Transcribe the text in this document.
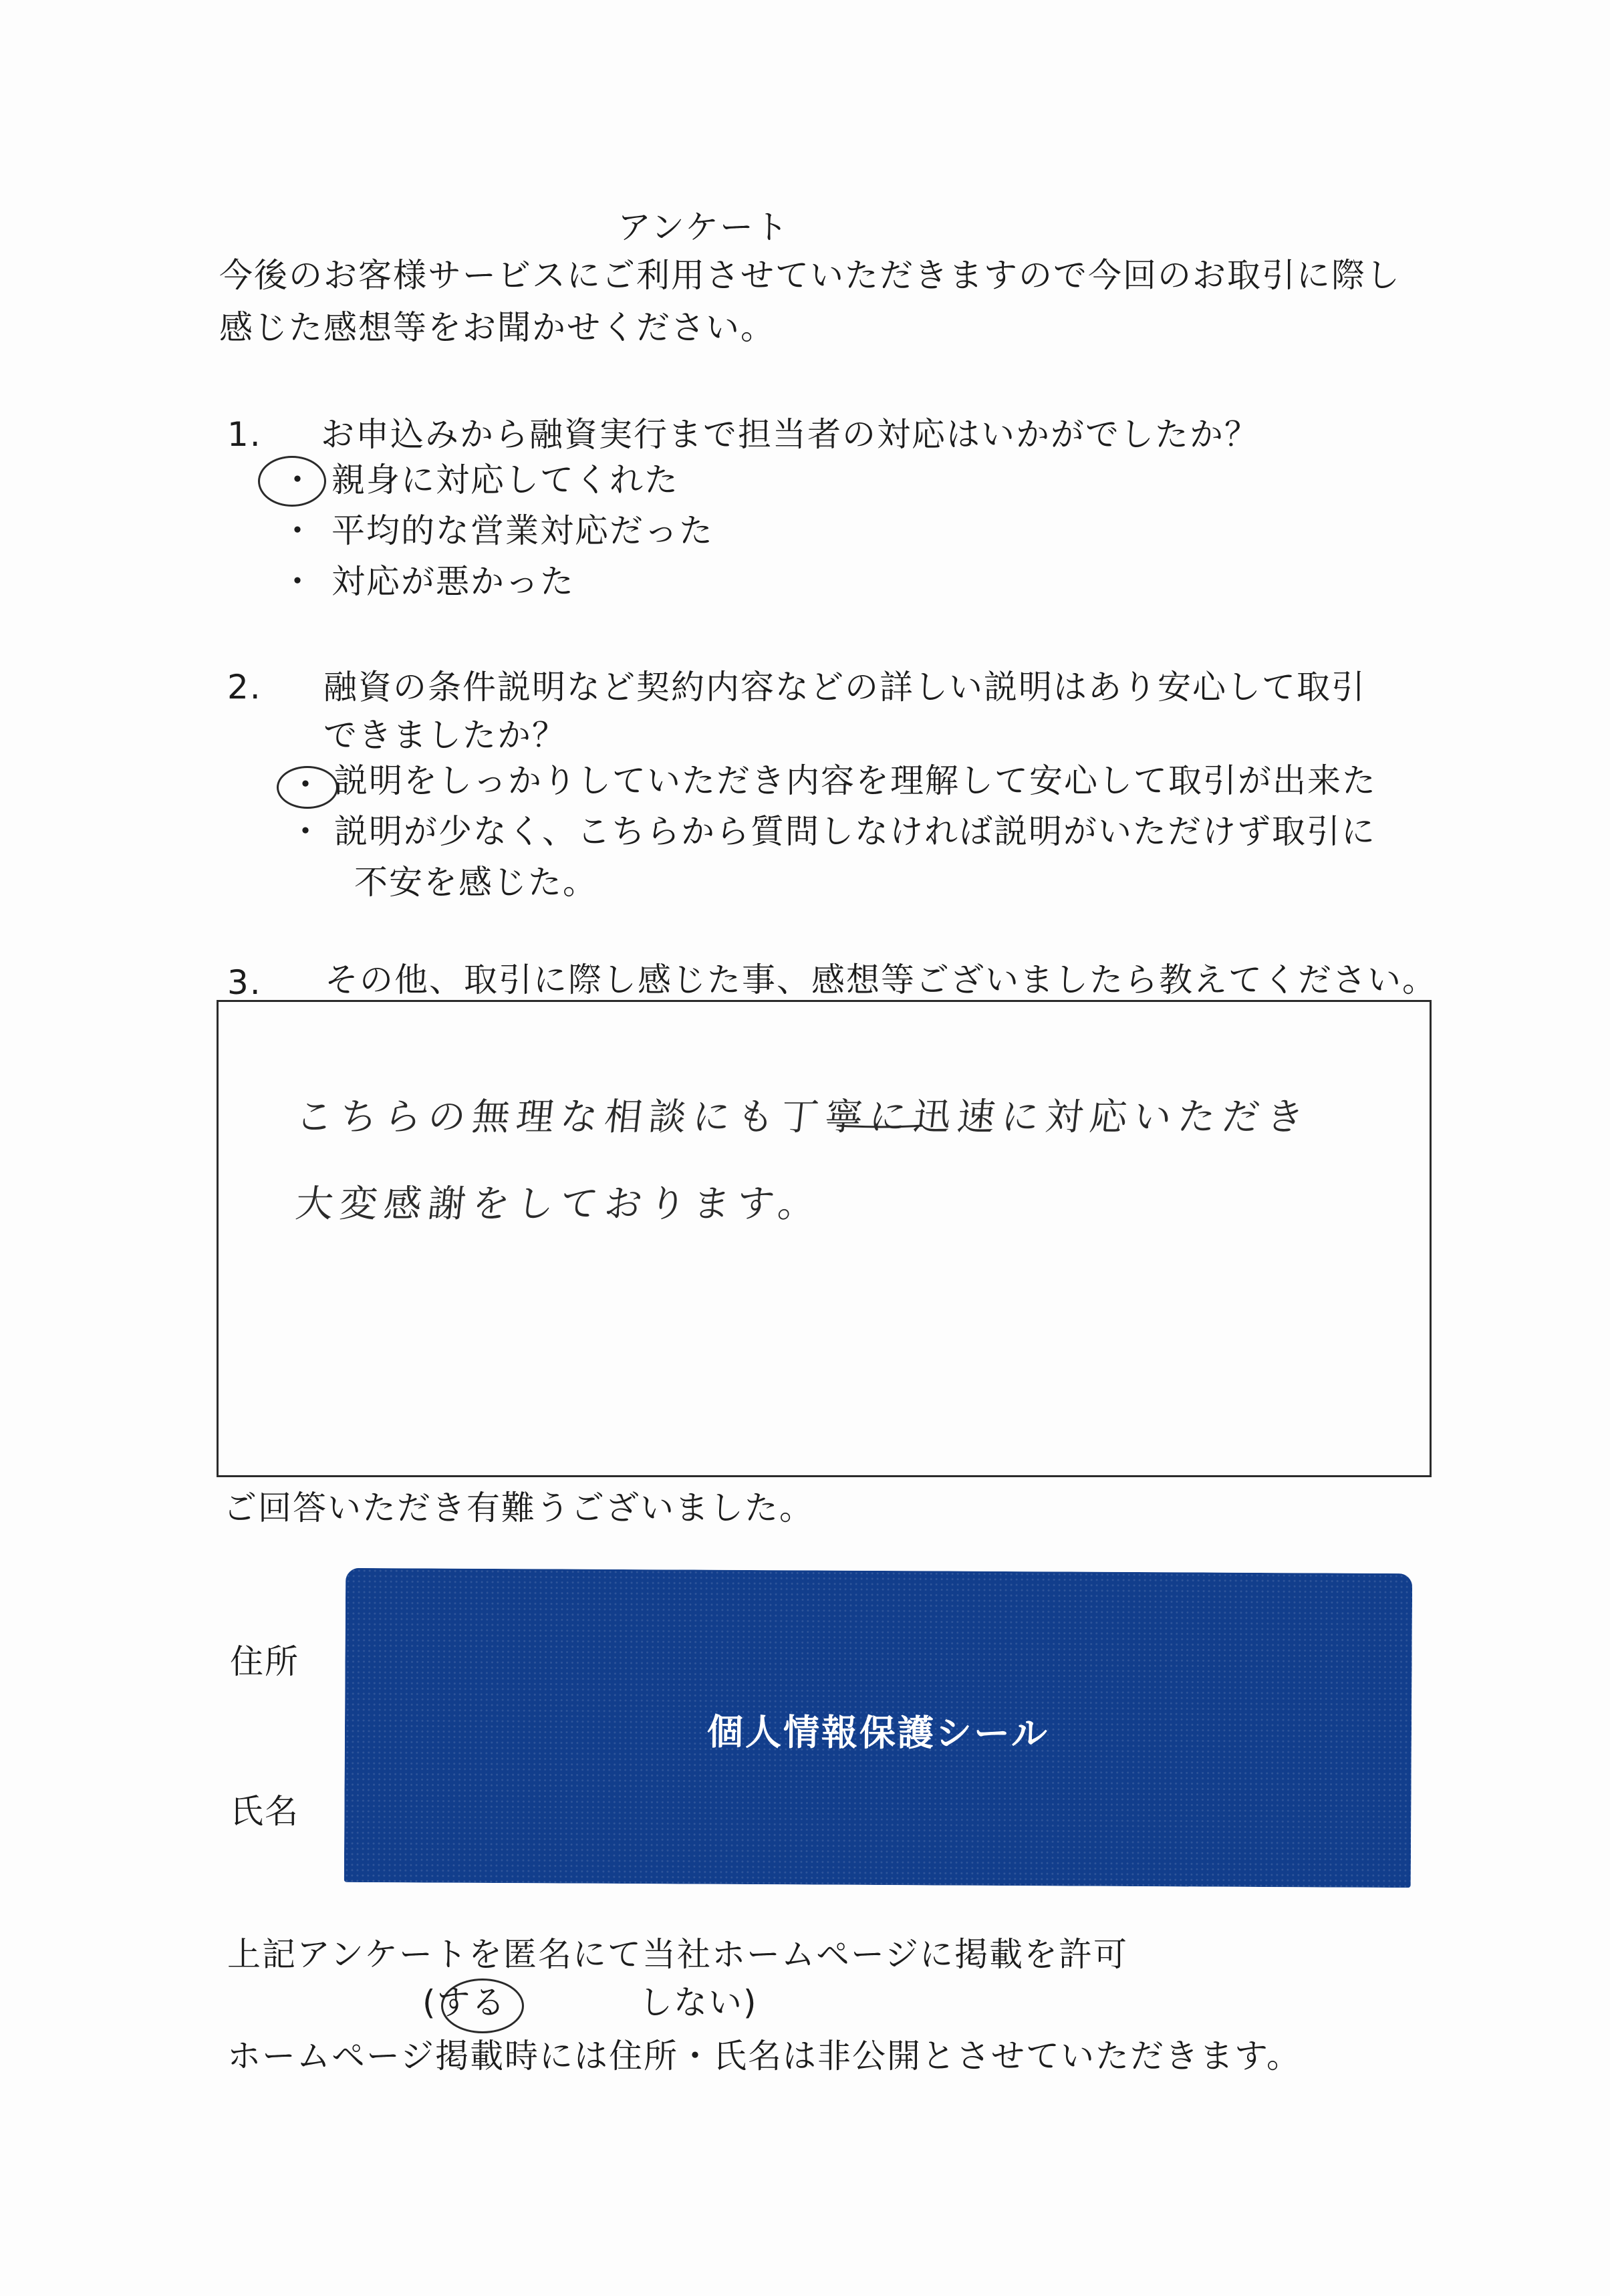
アンケート
今後のお客様サービスにご利用させていただきますので今回のお取引に際し
感じた感想等をお聞かせください。
1. お申込みから融資実行まで担当者の対応はいかがでしたか？
・ 親身に対応してくれた
・ 平均的な営業対応だった
・ 対応が悪かった
2. 融資の条件説明など契約内容などの詳しい説明はあり安心して取引
できましたか？
・ 説明をしっかりしていただき内容を理解して安心して取引が出来た
・ 説明が少なく、こちらから質問しなければ説明がいただけず取引に
不安を感じた。
3. その他、取引に際し感じた事、感想等ございましたら教えてください。
こちらの無理な相談にも丁寧に迅速に対応いただき
大変感謝をしております。
ご回答いただき有難うございました。
住所
氏名
個人情報保護シール
上記アンケートを匿名にて当社ホームページに掲載を許可
(する	しない)
ホームページ掲載時には住所・氏名は非公開とさせていただきます。
